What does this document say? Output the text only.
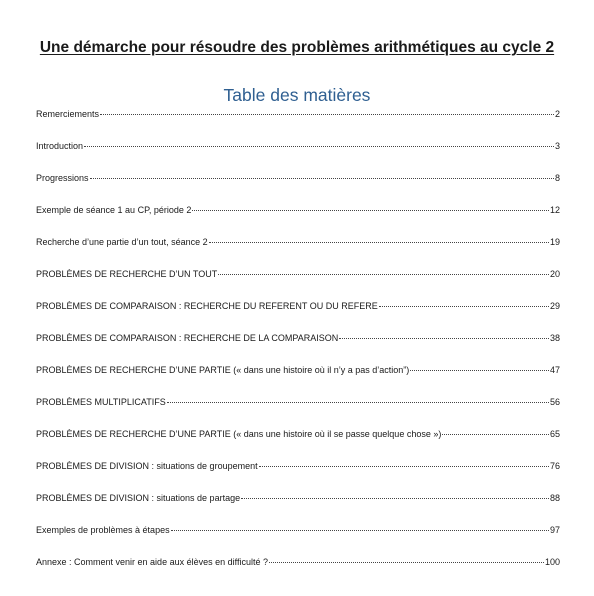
Une démarche pour résoudre des problèmes arithmétiques au cycle 2
Table des matières
Remerciements	2
Introduction	3
Progressions	8
Exemple de séance 1 au CP, période 2	12
Recherche d’une partie d’un tout, séance 2	19
PROBLÈMES DE RECHERCHE D’UN TOUT	20
PROBLÈMES DE COMPARAISON : RECHERCHE DU REFERENT OU DU REFERE	29
PROBLÈMES DE COMPARAISON : RECHERCHE DE LA COMPARAISON	38
PROBLÈMES DE RECHERCHE D’UNE PARTIE (« dans une histoire où il n’y a pas d’action”)	47
PROBLÈMES MULTIPLICATIFS	56
PROBLÈMES DE RECHERCHE D’UNE PARTIE (« dans une histoire où il se passe quelque chose »)	65
PROBLÈMES DE DIVISION : situations de groupement	76
PROBLÈMES DE DIVISION : situations de partage	88
Exemples de problèmes à étapes	97
Annexe : Comment venir en aide aux élèves en difficulté ?	100
